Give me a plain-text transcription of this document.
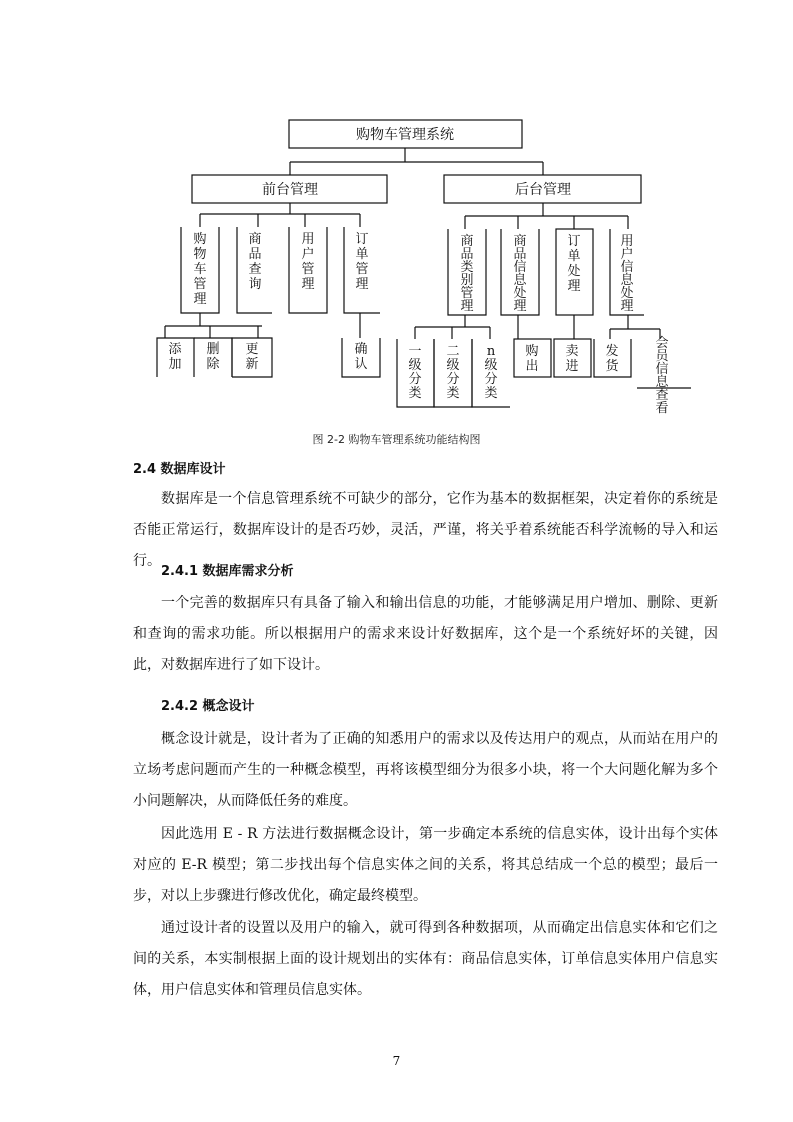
购物车管理系统
前台管理	后台管理
购物车管理
商品查询
用户管理
订单管理
商品类别管理
商品信息处理
订单处理
用户信息处理
添加
删除
更新
确认
一级分类
二级分类
n 级分类
购出
卖进
发货
会员信息查看
图 2-2 购物车管理系统功能结构图
2.4 数据库设计
数据库是一个信息管理系统不可缺少的部分，它作为基本的数据框架，决定着你的系统是否能正常运行，数据库设计的是否巧妙，灵活，严谨，将关乎着系统能否科学流畅的导入和运行。
2.4.1 数据库需求分析
一个完善的数据库只有具备了输入和输出信息的功能，才能够满足用户增加、删除、更新和查询的需求功能。所以根据用户的需求来设计好数据库，这个是一个系统好坏的关键，因此，对数据库进行了如下设计。
2.4.2 概念设计
概念设计就是，设计者为了正确的知悉用户的需求以及传达用户的观点，从而站在用户的立场考虑问题而产生的一种概念模型，再将该模型细分为很多小块，将一个大问题化解为多个小问题解决，从而降低任务的难度。
因此选用 E - R 方法进行数据概念设计，第一步确定本系统的信息实体，设计出每个实体对应的 E-R 模型；第二步找出每个信息实体之间的关系，将其总结成一个总的模型；最后一步，对以上步骤进行修改优化，确定最终模型。
通过设计者的设置以及用户的输入，就可得到各种数据项，从而确定出信息实体和它们之间的关系，本实制根据上面的设计规划出的实体有：商品信息实体，订单信息实体用户信息实体，用户信息实体和管理员信息实体。
7
